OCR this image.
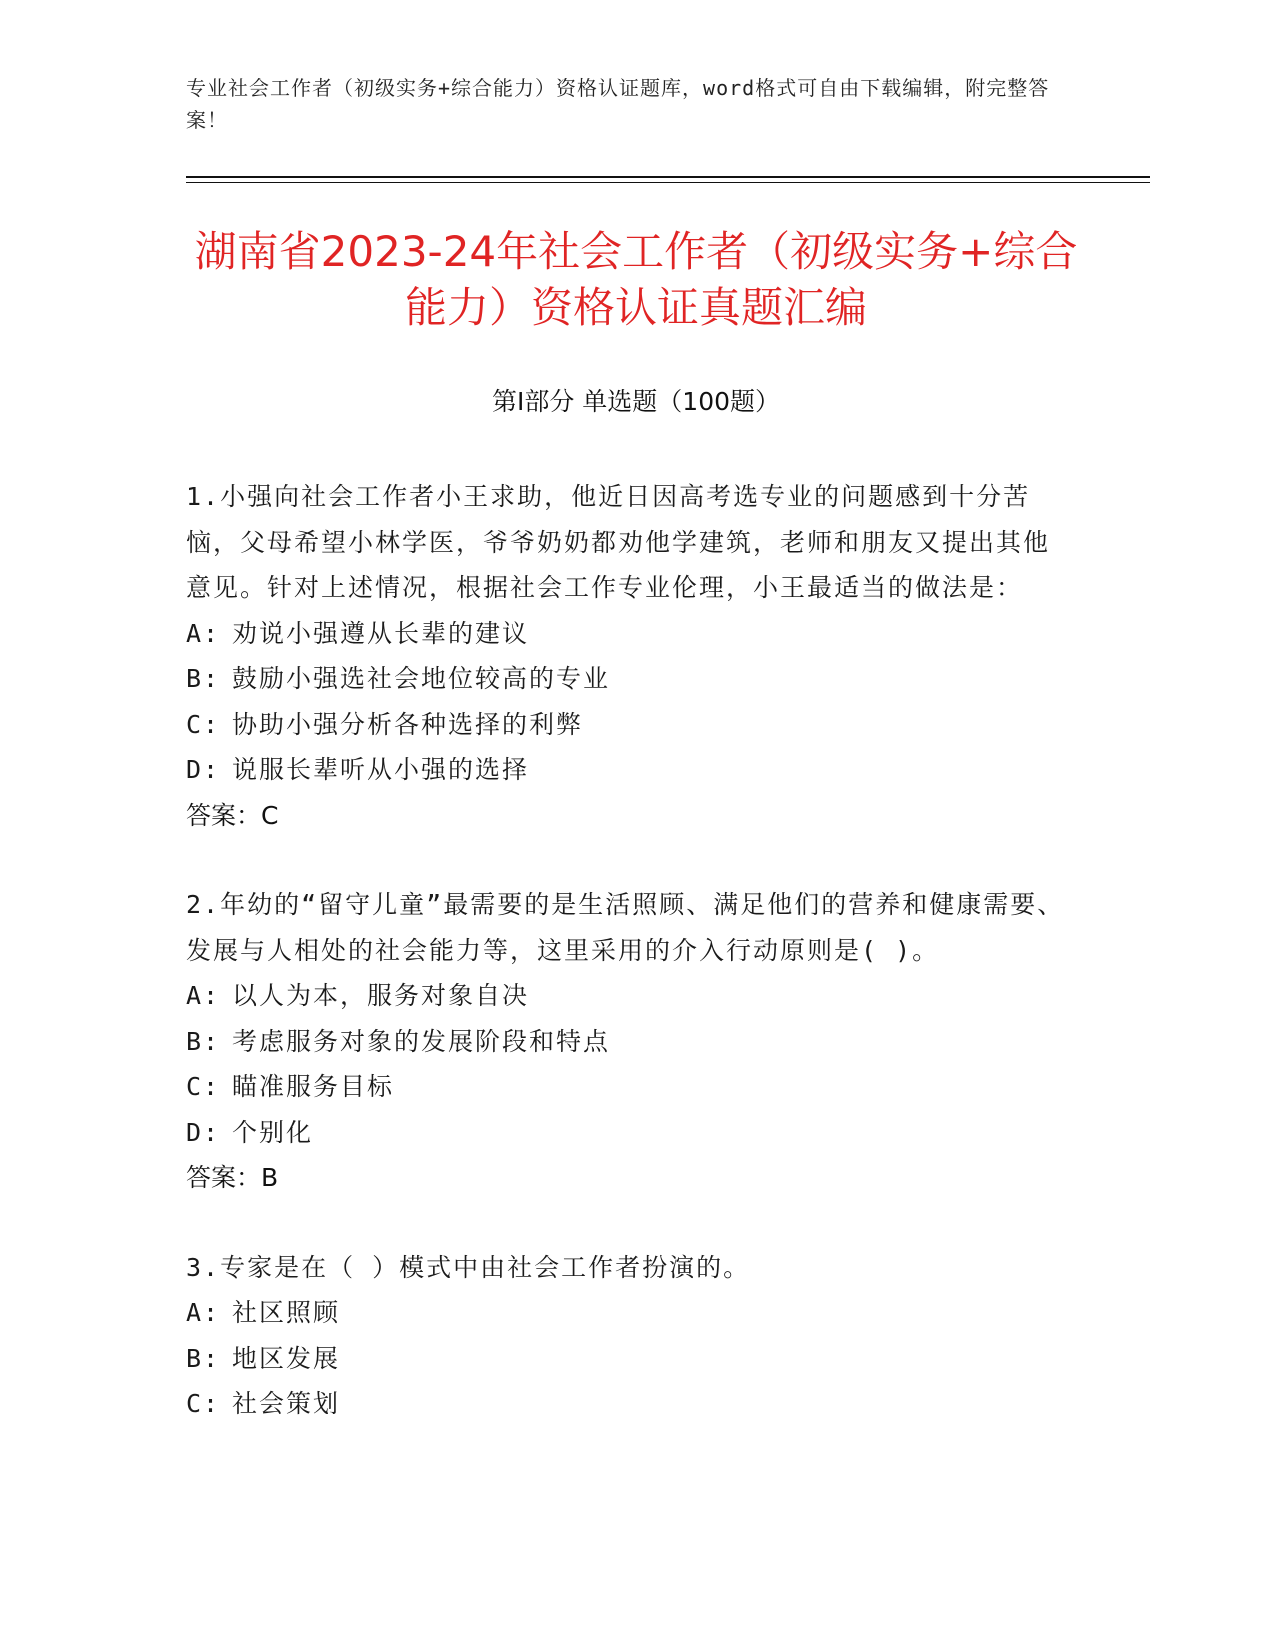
专业社会工作者（初级实务+综合能力）资格认证题库，word格式可自由下载编辑，附完整答案！
湖南省2023-24年社会工作者（初级实务+综合能力）资格认证真题汇编
第Ⅰ部分 单选题（100题）

1.小强向社会工作者小王求助，他近日因高考选专业的问题感到十分苦恼，父母希望小林学医，爷爷奶奶都劝他学建筑，老师和朋友又提出其他意见。针对上述情况，根据社会工作专业伦理，小王最适当的做法是：

A: 劝说小强遵从长辈的建议

B: 鼓励小强选社会地位较高的专业

C: 协助小强分析各种选择的利弊

D: 说服长辈听从小强的选择

答案：C

2.年幼的“留守儿童”最需要的是生活照顾、满足他们的营养和健康需要、发展与人相处的社会能力等，这里采用的介入行动原则是( )。

A: 以人为本，服务对象自决

B: 考虑服务对象的发展阶段和特点

C: 瞄准服务目标

D: 个别化

答案：B

3.专家是在（ ）模式中由社会工作者扮演的。

A: 社区照顾

B: 地区发展

C: 社会策划
